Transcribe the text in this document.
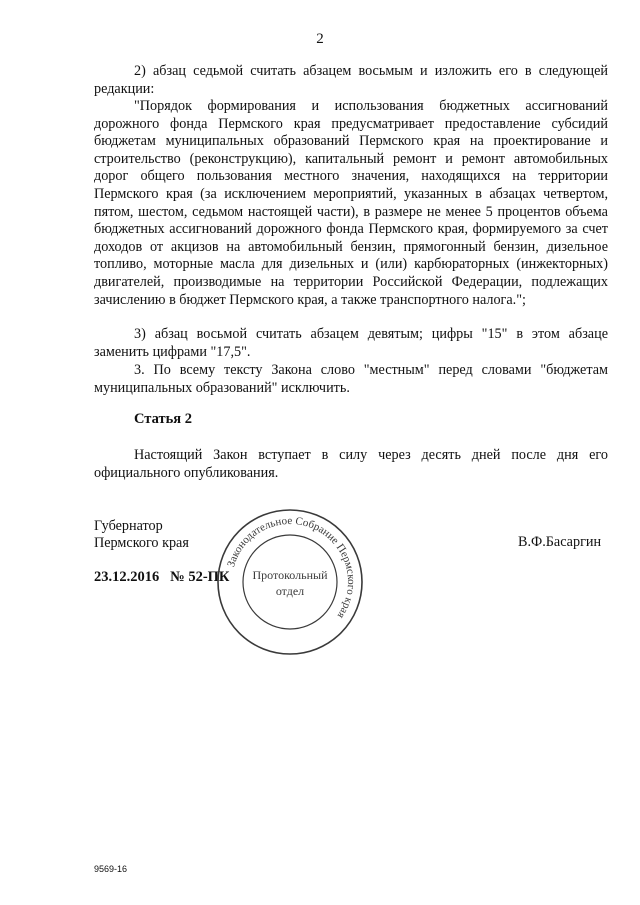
2

2) абзац седьмой считать абзацем восьмым и изложить его в следующей редакции:

"Порядок формирования и использования бюджетных ассигнований дорожного фонда Пермского края предусматривает предоставление субсидий бюджетам муниципальных образований Пермского края на проектирование и строительство (реконструкцию), капитальный ремонт и ремонт автомобильных дорог общего пользования местного значения, находящихся на территории Пермского края (за исключением мероприятий, указанных в абзацах четвертом, пятом, шестом, седьмом настоящей части), в размере не менее 5 процентов объема бюджетных ассигнований дорожного фонда Пермского края, формируемого за счет доходов от акцизов на автомобильный бензин, прямогонный бензин, дизельное топливо, моторные масла для дизельных и (или) карбюраторных (инжекторных) двигателей, производимые на территории Российской Федерации, подлежащих зачислению в бюджет Пермского края, а также транспортного налога.";

3) абзац восьмой считать абзацем девятым; цифры "15" в этом абзаце заменить цифрами "17,5".

3. По всему тексту Закона слово "местным" перед словами "бюджетам муниципальных образований" исключить.

Статья 2

Настоящий Закон вступает в силу через десять дней после дня его официального опубликования.

Губернатор
Пермского края	В.Ф.Басаргин
23.12.2016   № 52-ПК
Законодательное Собрание Пермского края
Протокольный
отдел
9569-16
